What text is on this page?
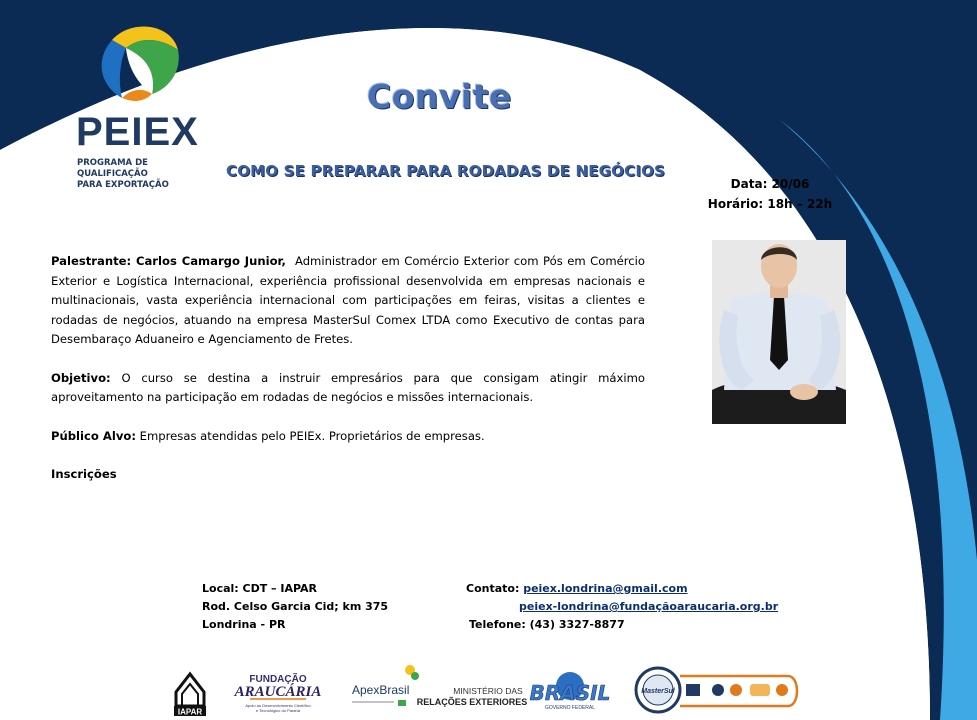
PEIEX
PROGRAMA DE QUALIFICAÇÃO
PARA EXPORTAÇÃO
Convite
COMO SE PREPARAR PARA RODADAS DE NEGÓCIOS
Data: 20/06
Horário: 18h – 22h

Palestrante: Carlos Camargo Junior, Administrador em Comércio Exterior com Pós em Comércio Exterior e Logística Internacional, experiência profissional desenvolvida em empresas nacionais e multinacionais, vasta experiência internacional com participações em feiras, visitas a clientes e rodadas de negócios, atuando na empresa MasterSul Comex LTDA como Executivo de contas para Desembaraço Aduaneiro e Agenciamento de Fretes.

Objetivo: O curso se destina a instruir empresários para que consigam atingir máximo aproveitamento na participação em rodadas de negócios e missões internacionais.

Público Alvo: Empresas atendidas pelo PEIEx. Proprietários de empresas.

Inscrições

Local: CDT – IAPAR
Rod. Celso Garcia Cid; km 375
Londrina - PR
Contato: peiex.londrina@gmail.com
peiex-londrina@fundaçãoaraucaria.org.br
Telefone: (43) 3327-8877
IAPAR
FUNDAÇÃO
ARAUCÁRIA
Apoio ao Desenvolvimento Científico
e Tecnológico do Paraná
ApexBrasil	MINISTÉRIO DAS
RELAÇÕES EXTERIORES BRASIL
GOVERNO FEDERAL
MasterSul
